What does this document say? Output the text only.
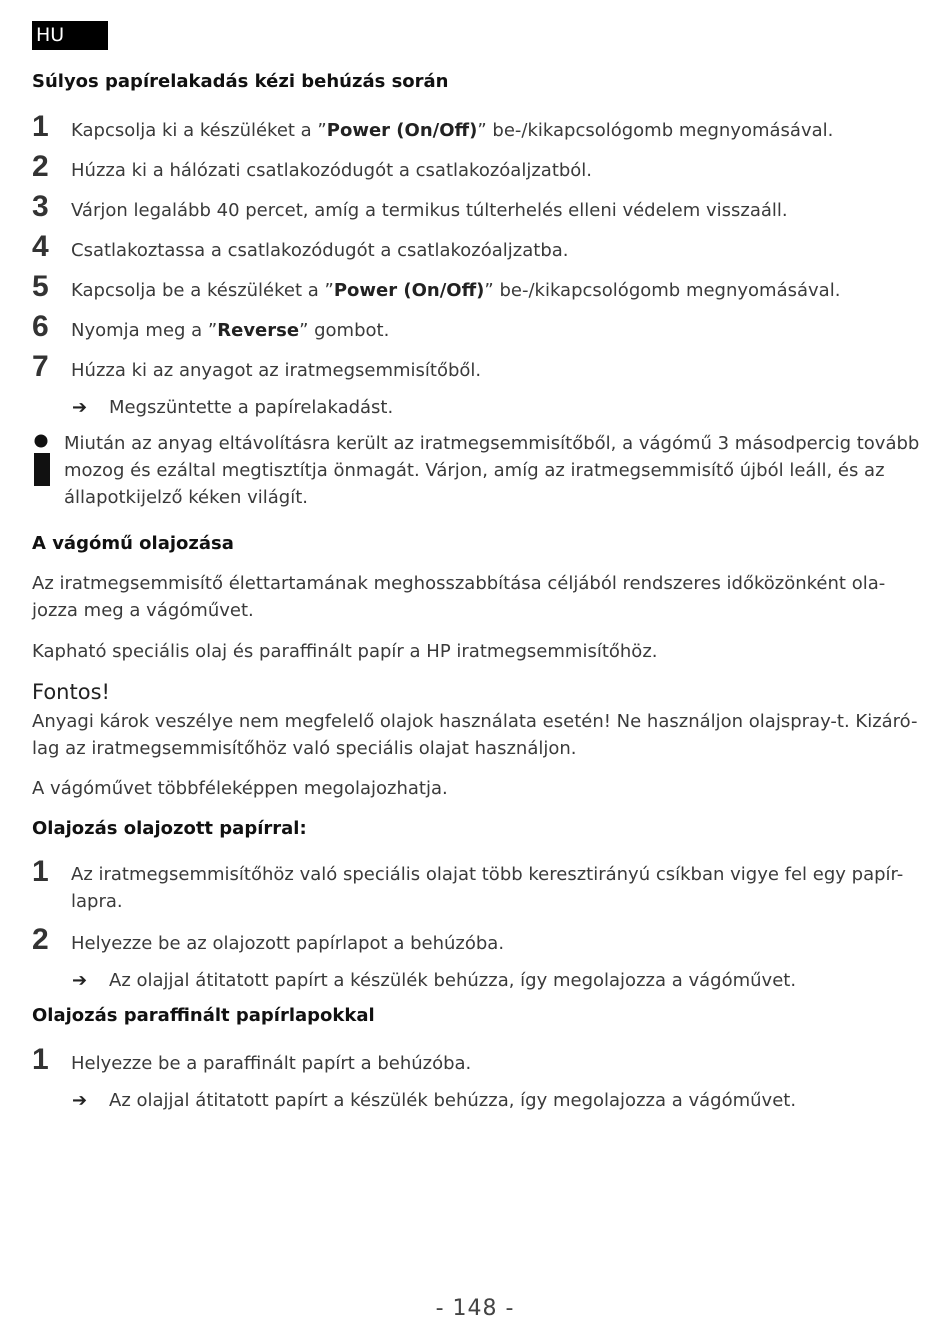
HU
Súlyos papírelakadás kézi behúzás során
1 Kapcsolja ki a készüléket a ”Power (On/Off)” be-/kikapcsológomb megnyomásával.
2 Húzza ki a hálózati csatlakozódugót a csatlakozóaljzatból.
3 Várjon legalább 40 percet, amíg a termikus túlterhelés elleni védelem visszaáll.
4 Csatlakoztassa a csatlakozódugót a csatlakozóaljzatba.
5 Kapcsolja be a készüléket a ”Power (On/Off)” be-/kikapcsológomb megnyomásával.
6 Nyomja meg a ”Reverse” gombot.
7 Húzza ki az anyagot az iratmegsemmisítőből.
➔ Megszüntette a papírelakadást.
Miután az anyag eltávolításra került az iratmegsemmisítőből, a vágómű 3 másodpercig tovább mozog és ezáltal megtisztítja önmagát. Várjon, amíg az iratmegsemmisítő újból leáll, és az állapotkijelző kéken világít.
A vágómű olajozása
Az iratmegsemmisítő élettartamának meghosszabbítása céljából rendszeres időközönként ola-jozza meg a vágóművet.
Kapható speciális olaj és paraffinált papír a HP iratmegsemmisítőhöz.
Fontos!
Anyagi károk veszélye nem megfelelő olajok használata esetén! Ne használjon olajspray-t. Kizáró-lag az iratmegsemmisítőhöz való speciális olajat használjon.
A vágóművet többféleképpen megolajozhatja.
Olajozás olajozott papírral:
1 Az iratmegsemmisítőhöz való speciális olajat több keresztirányú csíkban vigye fel egy papír-lapra.
2 Helyezze be az olajozott papírlapot a behúzóba.
➔ Az olajjal átitatott papírt a készülék behúzza, így megolajozza a vágóművet.
Olajozás paraffinált papírlapokkal
1 Helyezze be a paraffinált papírt a behúzóba.
➔ Az olajjal átitatott papírt a készülék behúzza, így megolajozza a vágóművet.
- 148 -
